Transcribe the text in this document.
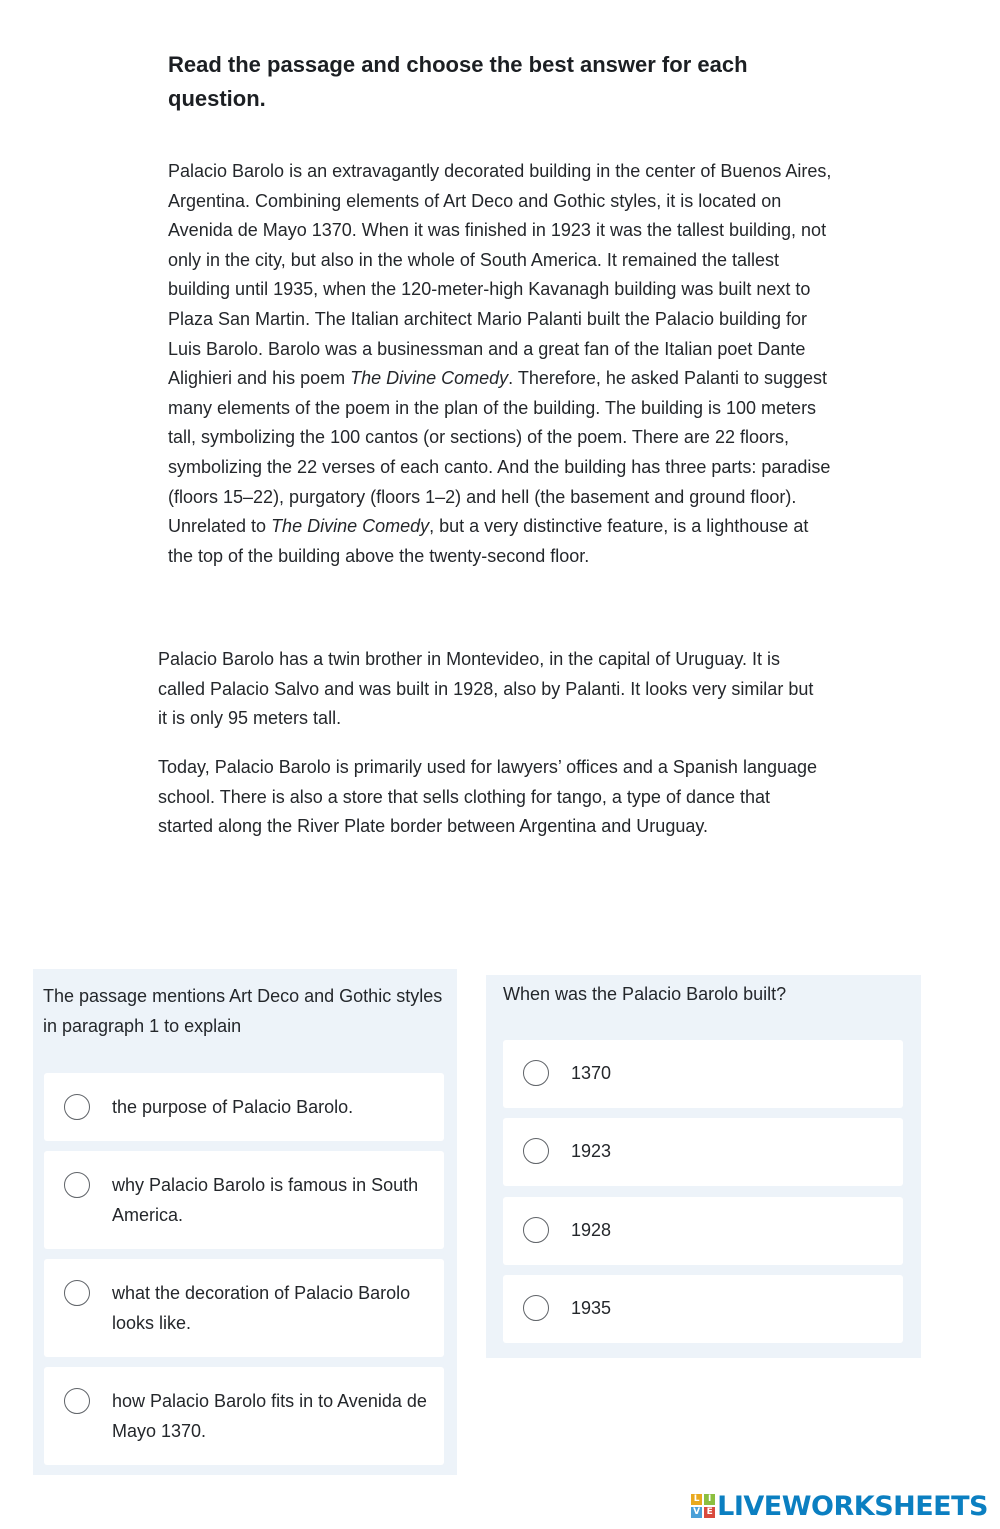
Read the passage and choose the best answer for each question.
Palacio Barolo is an extravagantly decorated building in the center of Buenos Aires, Argentina. Combining elements of Art Deco and Gothic styles, it is located on Avenida de Mayo 1370. When it was finished in 1923 it was the tallest building, not only in the city, but also in the whole of South America. It remained the tallest building until 1935, when the 120-meter-high Kavanagh building was built next to Plaza San Martin. The Italian architect Mario Palanti built the Palacio building for Luis Barolo. Barolo was a businessman and a great fan of the Italian poet Dante Alighieri and his poem The Divine Comedy. Therefore, he asked Palanti to suggest many elements of the poem in the plan of the building. The building is 100 meters tall, symbolizing the 100 cantos (or sections) of the poem. There are 22 floors, symbolizing the 22 verses of each canto. And the building has three parts: paradise (floors 15–22), purgatory (floors 1–2) and hell (the basement and ground floor). Unrelated to The Divine Comedy, but a very distinctive feature, is a lighthouse at the top of the building above the twenty-second floor.
Palacio Barolo has a twin brother in Montevideo, in the capital of Uruguay. It is called Palacio Salvo and was built in 1928, also by Palanti. It looks very similar but it is only 95 meters tall.
Today, Palacio Barolo is primarily used for lawyers’ offices and a Spanish language school. There is also a store that sells clothing for tango, a type of dance that started along the River Plate border between Argentina and Uruguay.
The passage mentions Art Deco and Gothic styles in paragraph 1 to explain
the purpose of Palacio Barolo.
why Palacio Barolo is famous in South America.
what the decoration of Palacio Barolo looks like.
how Palacio Barolo fits in to Avenida de Mayo 1370.
When was the Palacio Barolo built?
1370
1923
1928
1935
L I
V E LIVEWORKSHEETS
